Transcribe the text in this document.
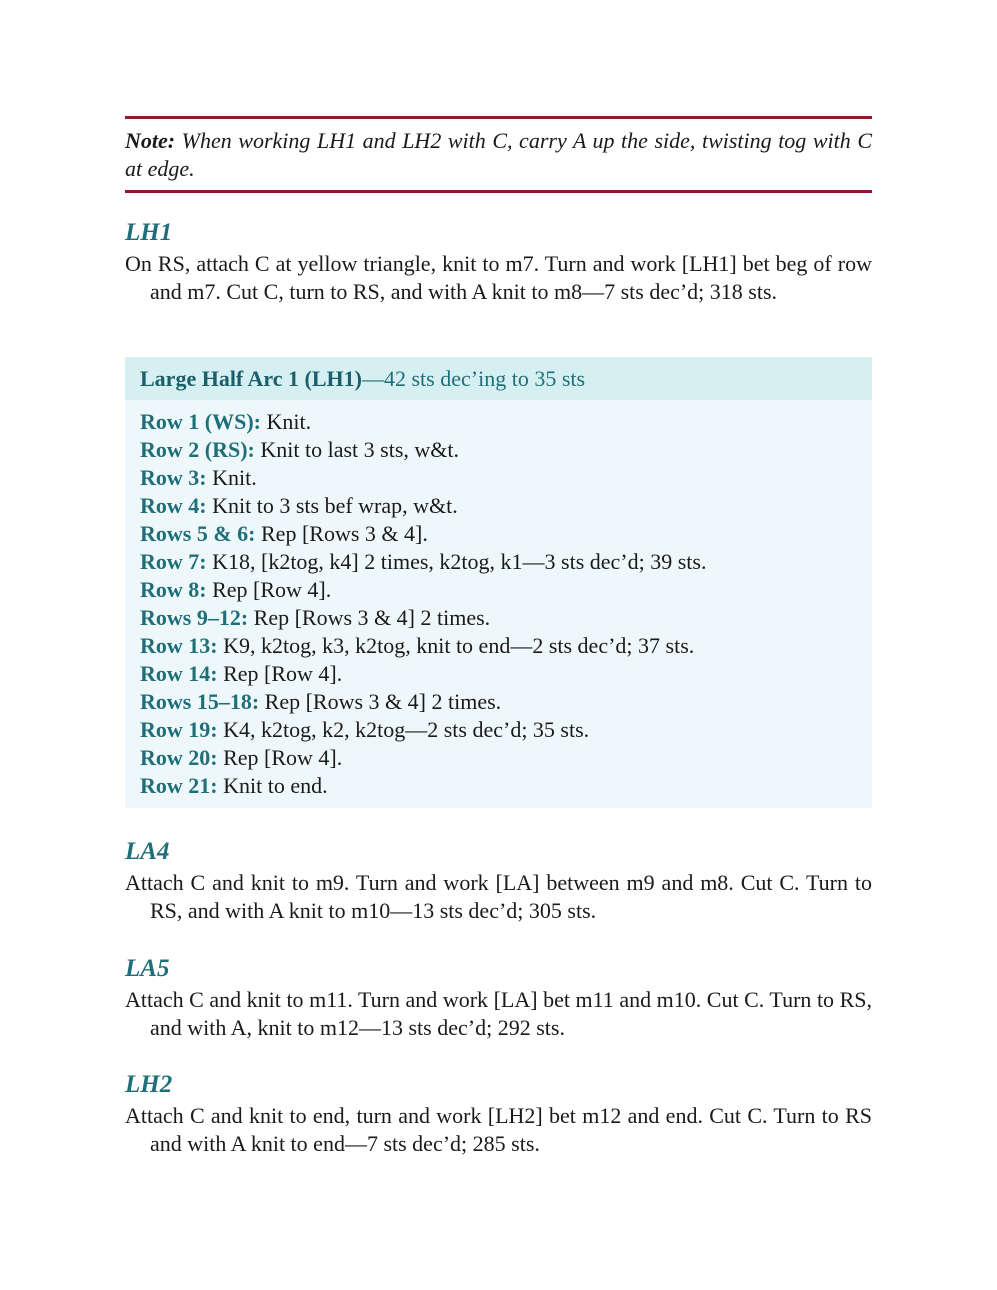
Note: When working LH1 and LH2 with C, carry A up the side, twisting tog with C at edge.
LH1

On RS, attach C at yellow triangle, knit to m7. Turn and work [LH1] bet beg of row and m7. Cut C, turn to RS, and with A knit to m8—7 sts dec’d; 318 sts.

Large Half Arc 1 (LH1)—42 sts dec’ing to 35 sts
Row 1 (WS): Knit.
Row 2 (RS): Knit to last 3 sts, w&t.
Row 3: Knit.
Row 4: Knit to 3 sts bef wrap, w&t.
Rows 5 & 6: Rep [Rows 3 & 4].
Row 7: K18, [k2tog, k4] 2 times, k2tog, k1—3 sts dec’d; 39 sts.
Row 8: Rep [Row 4].
Rows 9–12: Rep [Rows 3 & 4] 2 times.
Row 13: K9, k2tog, k3, k2tog, knit to end—2 sts dec’d; 37 sts.
Row 14: Rep [Row 4].
Rows 15–18: Rep [Rows 3 & 4] 2 times.
Row 19: K4, k2tog, k2, k2tog—2 sts dec’d; 35 sts.
Row 20: Rep [Row 4].
Row 21: Knit to end.
LA4

Attach C and knit to m9. Turn and work [LA] between m9 and m8. Cut C. Turn to RS, and with A knit to m10—13 sts dec’d; 305 sts.

LA5

Attach C and knit to m11. Turn and work [LA] bet m11 and m10. Cut C. Turn to RS, and with A, knit to m12—13 sts dec’d; 292 sts.

LH2

Attach C and knit to end, turn and work [LH2] bet m12 and end. Cut C. Turn to RS and with A knit to end—7 sts dec’d; 285 sts.
